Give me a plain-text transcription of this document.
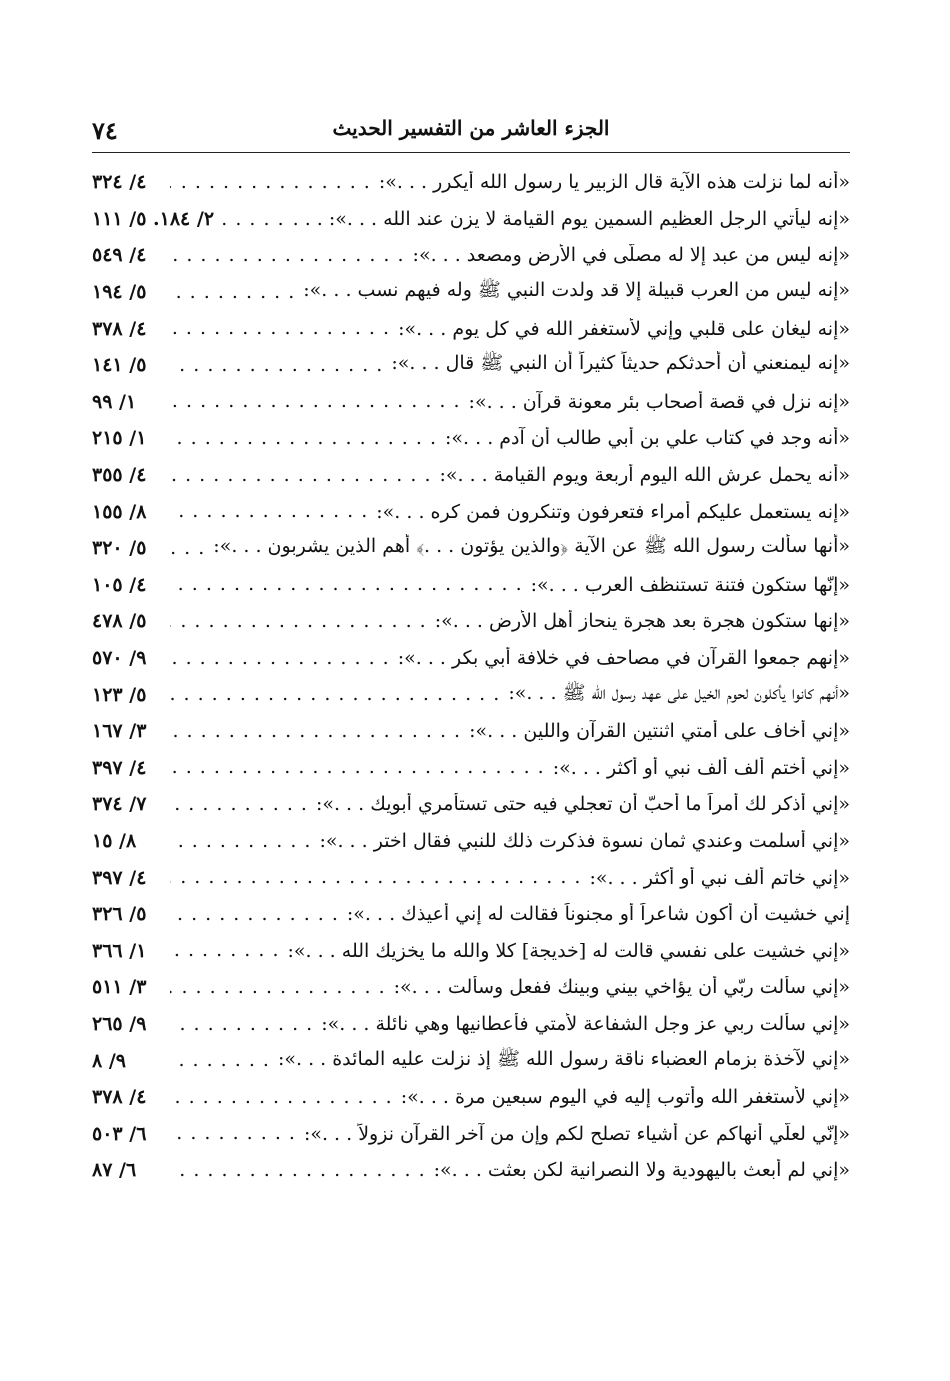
الجزء العاشر من التفسير الحديث
٧٤
«أنه لما نزلت هذه الآية قال الزبير يا رسول الله أيكرر . . .»:
. . .
٤/ ٣٢٤
«إنه ليأتي الرجل العظيم السمين يوم القيامة لا يزن عند الله . . .»: . . .
. . .
٢/ ١٨٤. ٥/ ١١١
«إنه ليس من عبد إلا له مصلّى في الأرض ومصعد . . .»:
. . .
٤/ ٥٤٩
«إنه ليس من العرب قبيلة إلا قد ولدت النبي ﷺ وله فيهم نسب . . .»:
. . .
٥/ ١٩٤
«إنه ليغان على قلبي وإني لأستغفر الله في كل يوم . . .»:
. . .
٤/ ٣٧٨
«إنه ليمنعني أن أحدثكم حديثاً كثيراً أن النبي ﷺ قال . . .»:
. . .
٥/ ١٤١
«إنه نزل في قصة أصحاب بئر معونة قرآن . . .»:
. . .
١/ ٩٩
«أنه وجد في كتاب علي بن أبي طالب أن آدم . . .»:
. . .
١/ ٢١٥
«أنه يحمل عرش الله اليوم أربعة ويوم القيامة . . .»:
. . .
٤/ ٣٥٥
«إنه يستعمل عليكم أمراء فتعرفون وتنكرون فمن كره . . .»:
. . .
٨/ ١٥٥
«أنها سألت رسول الله ﷺ عن الآية ﴿والذين يؤتون . . .﴾ أهم الذين يشربون . . .»:
. . .
٥/ ٣٢٠
«إنّها ستكون فتنة تستنظف العرب . . .»:
. . .
٤/ ١٠٥
«إنها ستكون هجرة بعد هجرة ينحاز أهل الأرض . . .»:
. . .
٥/ ٤٧٨
«إنهم جمعوا القرآن في مصاحف في خلافة أبي بكر . . .»:
. . .
٩/ ٥٧٠
«أنهم كانوا يأكلون لحوم الخيل على عهد رسول الله ﷺ . . .»:
. . .
٥/ ١٢٣
«إني أخاف على أمتي اثنتين القرآن واللين . . .»:
. . .
٣/ ١٦٧
«إني أختم ألف ألف نبي أو أكثر . . .»:
. . .
٤/ ٣٩٧
«إني أذكر لك أمراً ما أحبّ أن تعجلي فيه حتى تستأمري أبويك . . .»:
. . .
٧/ ٣٧٤
«إني أسلمت وعندي ثمان نسوة فذكرت ذلك للنبي فقال اختر . . .»:
. . .
٨/ ١٥
«إني خاتم ألف نبي أو أكثر . . .»:
. . .
٤/ ٣٩٧
إني خشيت أن أكون شاعراً أو مجنوناً فقالت له إني أعيذك . . .»:
. . .
٥/ ٣٢٦
«إني خشيت على نفسي قالت له [خديجة] كلا والله ما يخزيك الله . . .»:
. . .
١/ ٣٦٦
«إني سألت ربّي أن يؤاخي بيني وبينك ففعل وسألت . . .»:
. . .
٣/ ٥١١
«إني سألت ربي عز وجل الشفاعة لأمتي فأعطانيها وهي نائلة . . .»:
. . .
٩/ ٢٦٥
«إني لآخذة بزمام العضباء ناقة رسول الله ﷺ إذ نزلت عليه المائدة . . .»:
. . .
٩/ ٨
«إني لأستغفر الله وأتوب إليه في اليوم سبعين مرة . . .»:
. . .
٤/ ٣٧٨
«إنّي لعلّي أنهاكم عن أشياء تصلح لكم وإن من آخر القرآن نزولاً . . .»:
. . .
٦/ ٥٠٣
«إني لم أبعث باليهودية ولا النصرانية لكن بعثت . . .»:
. . .
٦/ ٨٧
